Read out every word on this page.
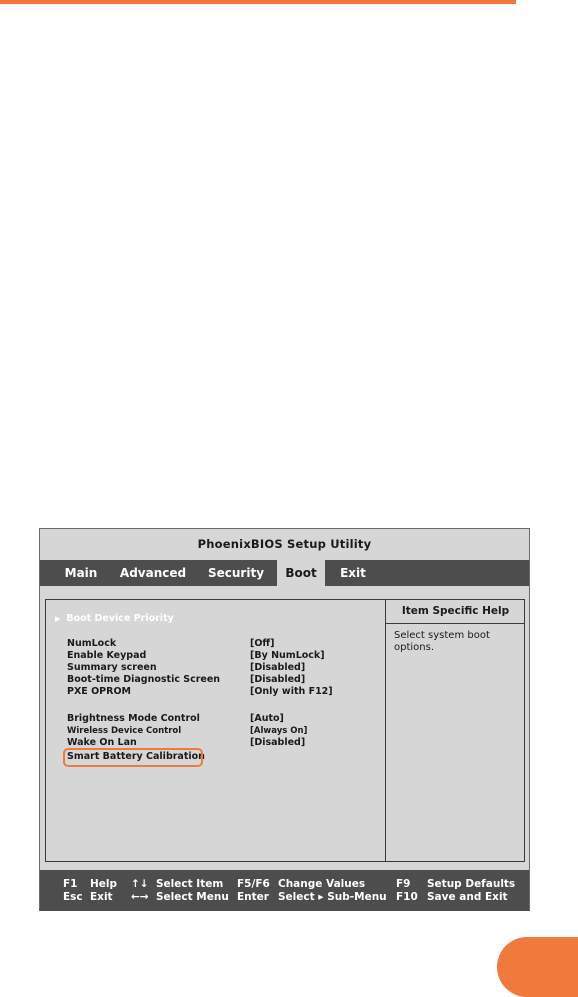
PhoenixBIOS Setup Utility
Main	Advanced	Security	Boot	Exit
▶ Boot Device Priority
NumLock	[Off]
Enable Keypad	[By NumLock]
Summary screen	[Disabled]
Boot-time Diagnostic Screen	[Disabled]
PXE OPROM	[Only with F12]
Brightness Mode Control	[Auto]
Wireless Device Control	[Always On]
Wake On Lan	[Disabled]
Smart Battery Calibration
Item Specific Help
Select system boot options.
F1 Help ↑↓ Select Item F5/F6 Change Values	F9 Setup Defaults
Esc Exit ←→ Select Menu Enter Select ▸ Sub-Menu F10 Save and Exit
